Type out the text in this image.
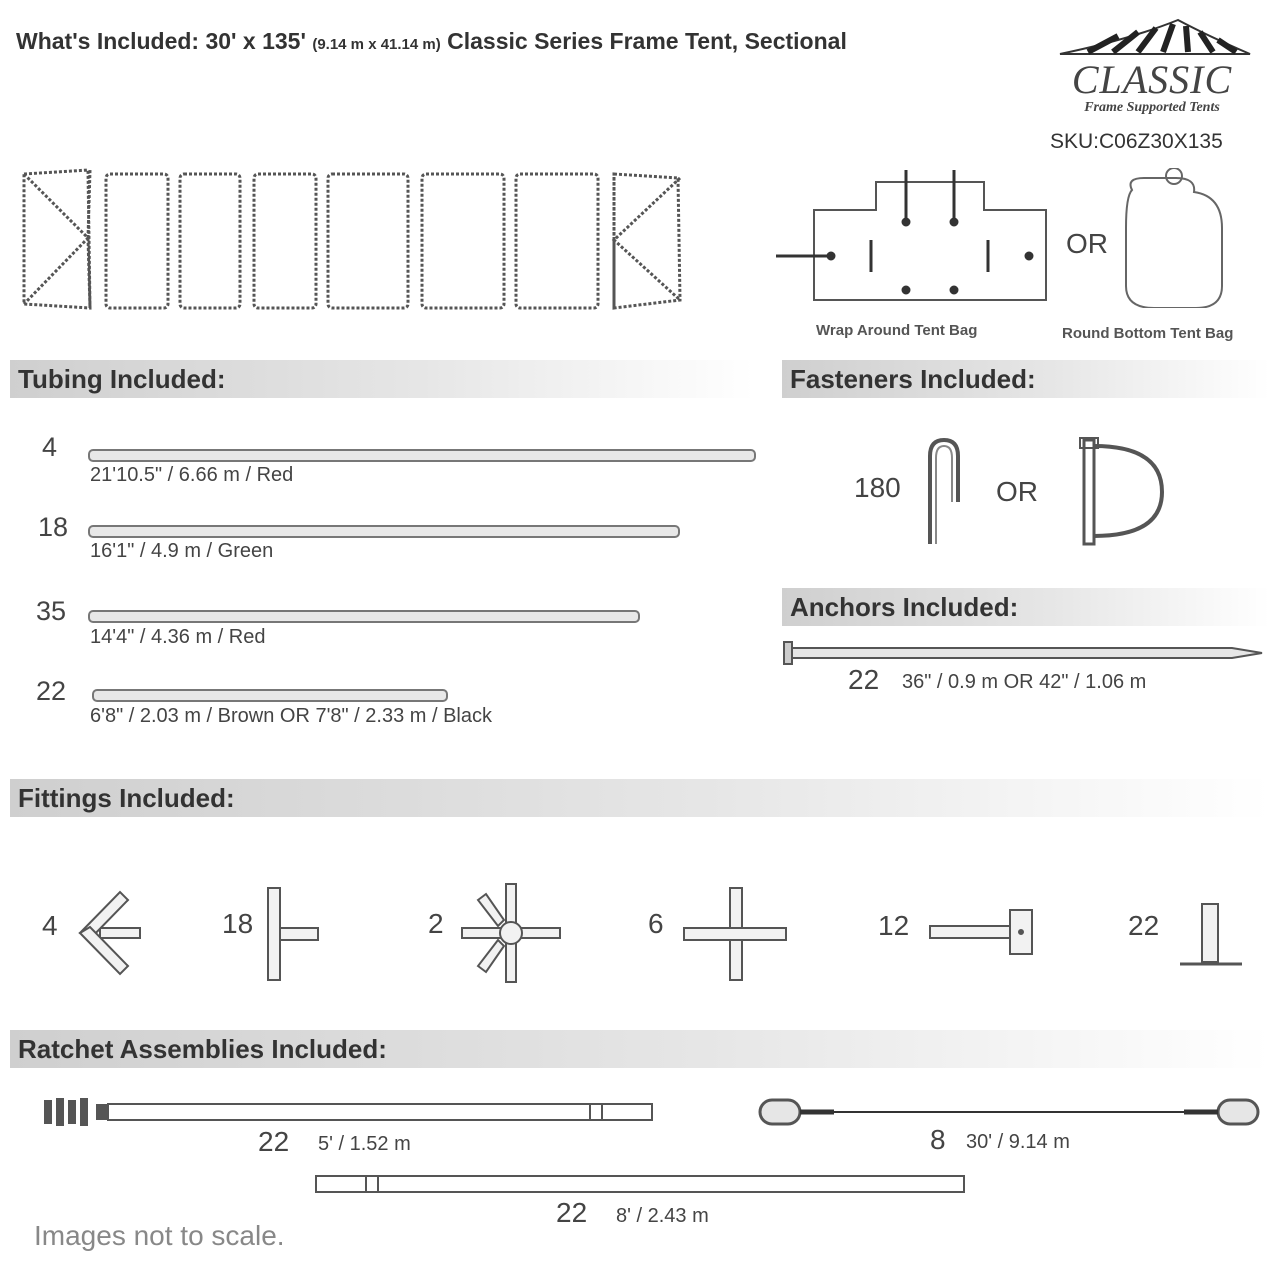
What's Included: 30' x 135' (9.14 m x 41.14 m) Classic Series Frame Tent, Sectional
CLASSIC
Frame Supported Tents
SKU:C06Z30X135
OR
Wrap Around Tent Bag	Round Bottom Tent Bag
Tubing Included:
4
21'10.5" / 6.66 m / Red
18
16'1" / 4.9 m / Green
35
14'4" / 4.36 m / Red
22
6'8" / 2.03 m / Brown OR 7'8" / 2.33 m / Black
Fasteners Included:
180	OR
Anchors Included:
22 36" / 0.9 m OR 42" / 1.06 m
Fittings Included:
4	18	2	6	12	22
Ratchet Assemblies Included:
22 5' / 1.52 m	8 30' / 9.14 m
22 8' / 2.43 m
Images not to scale.
